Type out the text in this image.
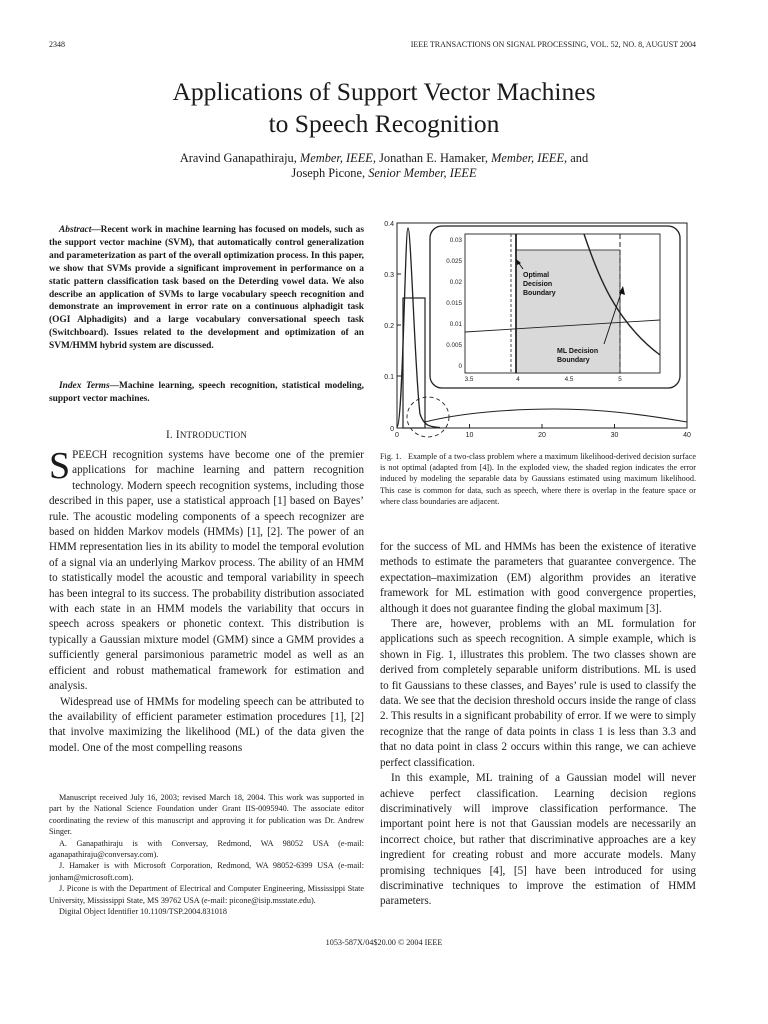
2348	IEEE TRANSACTIONS ON SIGNAL PROCESSING, VOL. 52, NO. 8, AUGUST 2004
Applications of Support Vector Machines
to Speech Recognition
Aravind Ganapathiraju, Member, IEEE, Jonathan E. Hamaker, Member, IEEE, and
Joseph Picone, Senior Member, IEEE
Abstract—Recent work in machine learning has focused on models, such as the support vector machine (SVM), that automatically control generalization and parameterization as part of the overall optimization process. In this paper, we show that SVMs provide a significant improvement in performance on a static pattern classification task based on the Deterding vowel data. We also describe an application of SVMs to large vocabulary speech recognition and demonstrate an improvement in error rate on a continuous alphadigit task (OGI Alphadigits) and a large vocabulary conversational speech task (Switchboard). Issues related to the development and optimization of an SVM/HMM hybrid system are discussed.
Index Terms—Machine learning, speech recognition, statistical modeling, support vector machines.
I. INTRODUCTION

SPEECH recognition systems have become one of the premier applications for machine learning and pattern recognition technology. Modern speech recognition systems, including those described in this paper, use a statistical approach [1] based on Bayes’ rule. The acoustic modeling components of a speech recognizer are based on hidden Markov models (HMMs) [1], [2]. The power of an HMM representation lies in its ability to model the temporal evolution of a signal via an underlying Markov process. The ability of an HMM to statistically model the acoustic and temporal variability in speech has been integral to its success. The probability distribution associated with each state in an HMM models the variability that occurs in speech across speakers or phonetic context. This distribution is typically a Gaussian mixture model (GMM) since a GMM provides a sufficiently general parsimonious parametric model as well as an efficient and robust mathematical framework for estimation and analysis.

Widespread use of HMMs for modeling speech can be attributed to the availability of efficient parameter estimation procedures [1], [2] that involve maximizing the likelihood (ML) of the data given the model. One of the most compelling reasons

Manuscript received July 16, 2003; revised March 18, 2004. This work was supported in part by the National Science Foundation under Grant IIS-0095940. The associate editor coordinating the review of this manuscript and approving it for publication was Dr. Andrew Singer.

A. Ganapathiraju is with Conversay, Redmond, WA 98052 USA (e-mail: aganapathiraju@conversay.com).

J. Hamaker is with Microsoft Corporation, Redmond, WA 98052-6399 USA (e-mail: jonham@microsoft.com).

J. Picone is with the Department of Electrical and Computer Engineering, Mississippi State University, Mississippi State, MS 39762 USA (e-mail: picone@isip.msstate.edu).

Digital Object Identifier 10.1109/TSP.2004.831018

0.4
0.3
0.2
0.1
0
0	10	20	30	40
0.03
0.025
0.02
0.015
0.01
0.005
0
3.5	4	4.5	5
Optimal
Decision
Boundary
ML Decision
Boundary
Fig. 1. Example of a two-class problem where a maximum likelihood-derived decision surface is not optimal (adapted from [4]). In the exploded view, the shaded region indicates the error induced by modeling the separable data by Gaussians estimated using maximum likelihood. This case is common for data, such as speech, where there is overlap in the feature space or where class boundaries are adjacent.

for the success of ML and HMMs has been the existence of iterative methods to estimate the parameters that guarantee convergence. The expectation–maximization (EM) algorithm provides an iterative framework for ML estimation with good convergence properties, although it does not guarantee finding the global maximum [3].

There are, however, problems with an ML formulation for applications such as speech recognition. A simple example, which is shown in Fig. 1, illustrates this problem. The two classes shown are derived from completely separable uniform distributions. ML is used to fit Gaussians to these classes, and Bayes’ rule is used to classify the data. We see that the decision threshold occurs inside the range of class 2. This results in a significant probability of error. If we were to simply recognize that the range of data points in class 1 is less than 3.3 and that no data point in class 2 occurs within this range, we can achieve perfect classification.

In this example, ML training of a Gaussian model will never achieve perfect classification. Learning decision regions discriminatively will improve classification performance. The important point here is not that Gaussian models are necessarily an incorrect choice, but rather that discriminative approaches are a key ingredient for creating robust and more accurate models. Many promising techniques [4], [5] have been introduced for using discriminative techniques to improve the estimation of HMM parameters.

1053-587X/04$20.00 © 2004 IEEE
